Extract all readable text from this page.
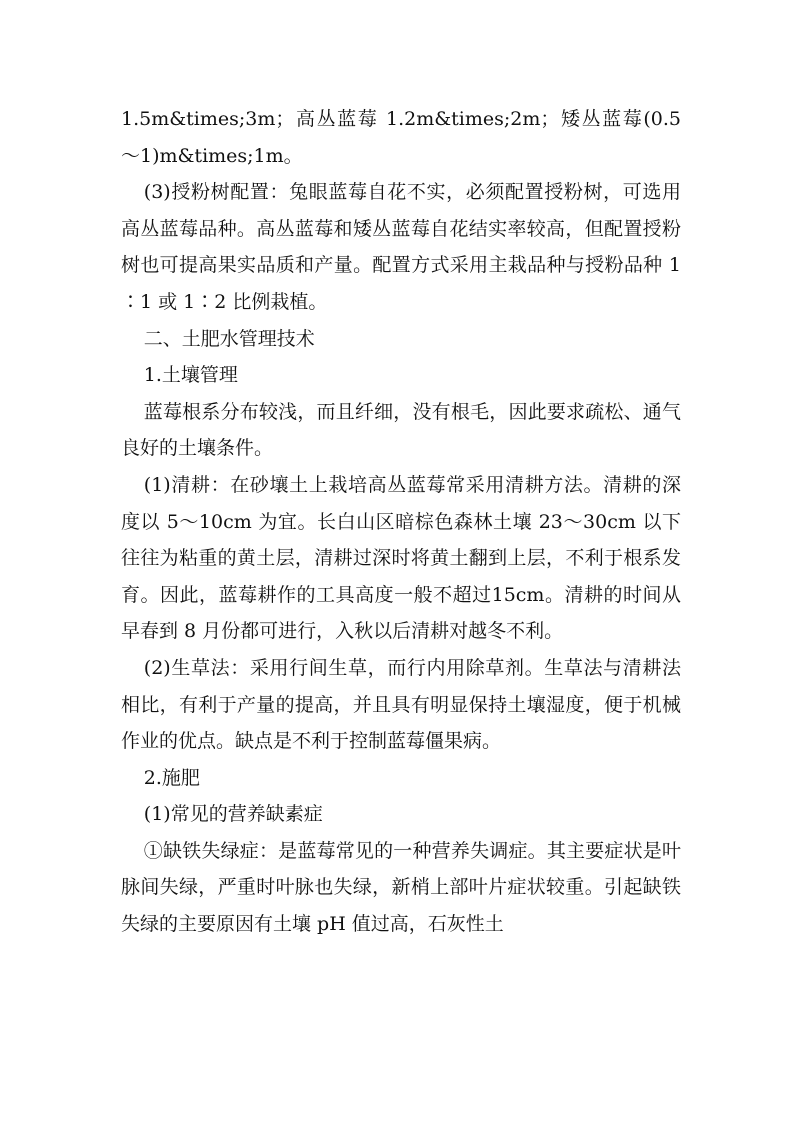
1.5m&times;3m；高丛蓝莓 1.2m&times;2m；矮丛蓝莓(0.5～1)m&times;1m。

(3)授粉树配置：兔眼蓝莓自花不实，必须配置授粉树，可选用高丛蓝莓品种。高丛蓝莓和矮丛蓝莓自花结实率较高，但配置授粉树也可提高果实品质和产量。配置方式采用主栽品种与授粉品种 1∶1 或 1∶2 比例栽植。

二、土肥水管理技术

1.土壤管理

蓝莓根系分布较浅，而且纤细，没有根毛，因此要求疏松、通气良好的土壤条件。

(1)清耕：在砂壤土上栽培高丛蓝莓常采用清耕方法。清耕的深度以 5～10cm 为宜。长白山区暗棕色森林土壤 23～30cm 以下往往为粘重的黄土层，清耕过深时将黄土翻到上层，不利于根系发育。因此，蓝莓耕作的工具高度一般不超过15cm。清耕的时间从早春到 8 月份都可进行，入秋以后清耕对越冬不利。

(2)生草法：采用行间生草，而行内用除草剂。生草法与清耕法相比，有利于产量的提高，并且具有明显保持土壤湿度，便于机械作业的优点。缺点是不利于控制蓝莓僵果病。

2.施肥

(1)常见的营养缺素症

①缺铁失绿症：是蓝莓常见的一种营养失调症。其主要症状是叶脉间失绿，严重时叶脉也失绿，新梢上部叶片症状较重。引起缺铁失绿的主要原因有土壤 pH 值过高，石灰性土
